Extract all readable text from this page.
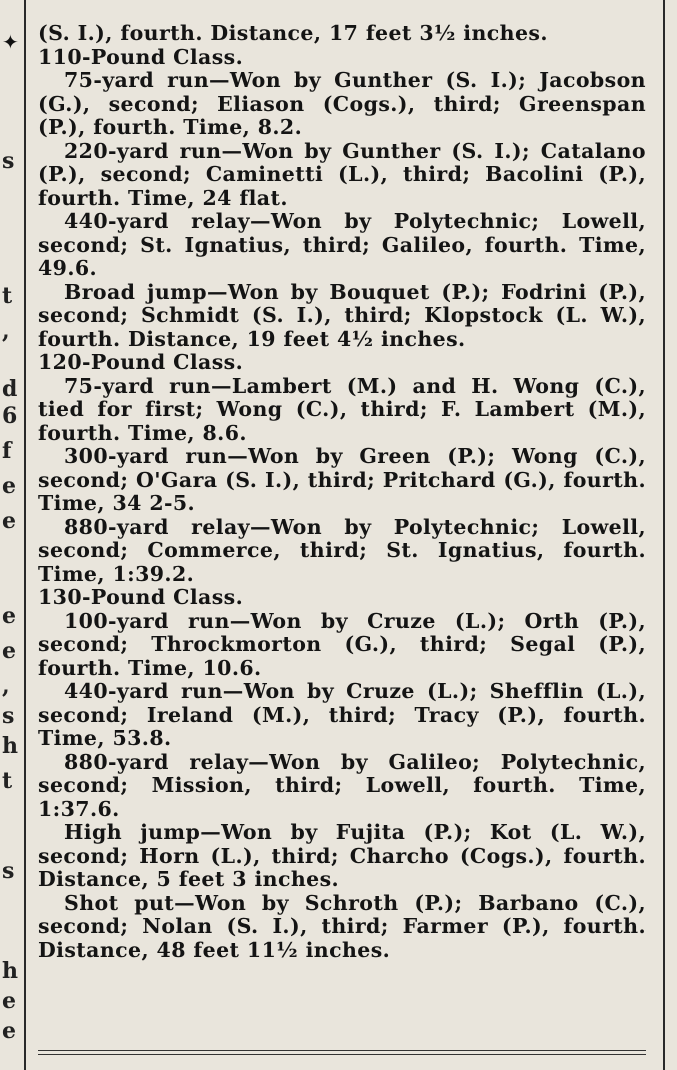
s
t
,
d
6
f
e
e
e
e
,
s
h
t
s
h
e
e
✦ (S. I.), fourth. Distance, 17 feet 3½ inches.

110-Pound Class.

75-yard run—Won by Gunther (S. I.); Jacobson (G.), second; Eliason (Cogs.), third; Greenspan (P.), fourth. Time, 8.2.

220-yard run—Won by Gunther (S. I.); Catalano (P.), second; Caminetti (L.), third; Bacolini (P.), fourth. Time, 24 flat.

440-yard relay—Won by Polytechnic; Lowell, second; St. Ignatius, third; Galileo, fourth. Time, 49.6.

Broad jump—Won by Bouquet (P.); Fodrini (P.), second; Schmidt (S. I.), third; Klopstock (L. W.), fourth. Distance, 19 feet 4½ inches.

120-Pound Class.

75-yard run—Lambert (M.) and H. Wong (C.), tied for first; Wong (C.), third; F. Lambert (M.), fourth. Time, 8.6.

300-yard run—Won by Green (P.); Wong (C.), second; O'Gara (S. I.), third; Pritchard (G.), fourth. Time, 34 2-5.

880-yard relay—Won by Polytechnic; Lowell, second; Commerce, third; St. Ignatius, fourth. Time, 1:39.2.

130-Pound Class.

100-yard run—Won by Cruze (L.); Orth (P.), second; Throckmorton (G.), third; Segal (P.), fourth. Time, 10.6.

440-yard run—Won by Cruze (L.); Shefflin (L.), second; Ireland (M.), third; Tracy (P.), fourth. Time, 53.8.

880-yard relay—Won by Galileo; Polytechnic, second; Mission, third; Lowell, fourth. Time, 1:37.6.

High jump—Won by Fujita (P.); Kot (L. W.), second; Horn (L.), third; Charcho (Cogs.), fourth. Distance, 5 feet 3 inches.

Shot put—Won by Schroth (P.); Barbano (C.), second; Nolan (S. I.), third; Farmer (P.), fourth. Distance, 48 feet 11½ inches.
